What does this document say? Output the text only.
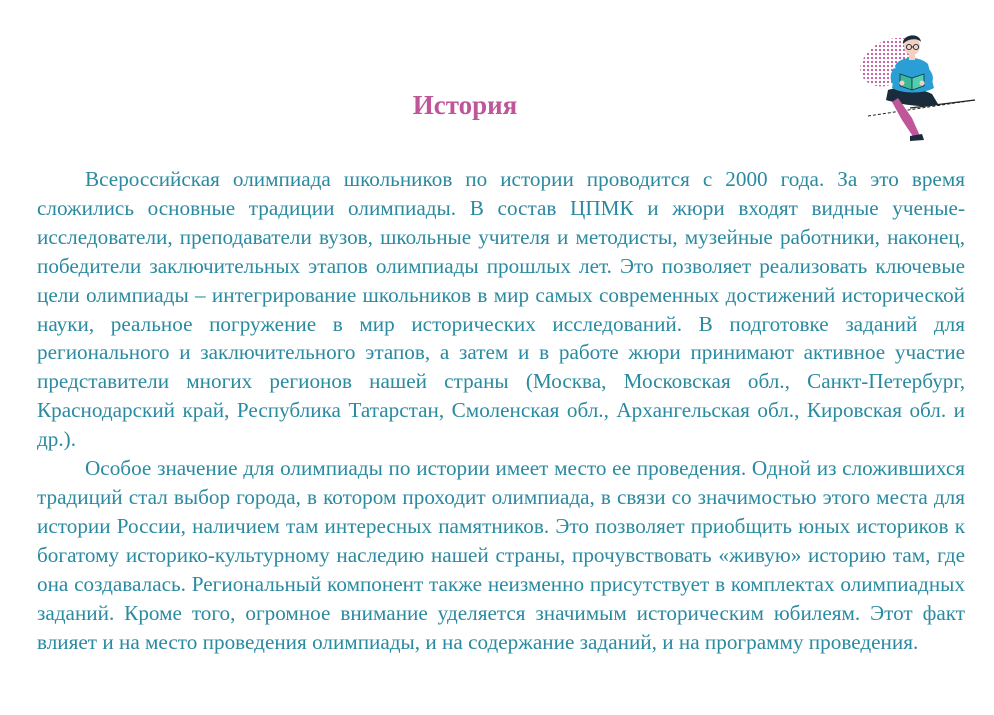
История

Всероссийская олимпиада школьников по истории проводится с 2000 года. За это время сложились основные традиции олимпиады. В состав ЦПМК и жюри входят видные ученые-исследователи, преподаватели вузов, школьные учителя и методисты, музейные работники, наконец, победители заключительных этапов олимпиады прошлых лет. Это позволяет реализовать ключевые цели олимпиады – интегрирование школьников в мир самых современных достижений исторической науки, реальное погружение в мир исторических исследований. В подготовке заданий для регионального и заключительного этапов, а затем и в работе жюри принимают активное участие представители многих регионов нашей страны (Москва, Московская обл., Санкт-Петербург, Краснодарский край, Республика Татарстан, Смоленская обл., Архангельская обл., Кировская обл. и др.).

Особое значение для олимпиады по истории имеет место ее проведения. Одной из сложившихся традиций стал выбор города, в котором проходит олимпиада, в связи со значимостью этого места для истории России, наличием там интересных памятников. Это позволяет приобщить юных историков к богатому историко-культурному наследию нашей страны, прочувствовать «живую» историю там, где она создавалась. Региональный компонент также неизменно присутствует в комплектах олимпиадных заданий. Кроме того, огромное внимание уделяется значимым историческим юбилеям. Этот факт влияет и на место проведения олимпиады, и на содержание заданий, и на программу проведения.
